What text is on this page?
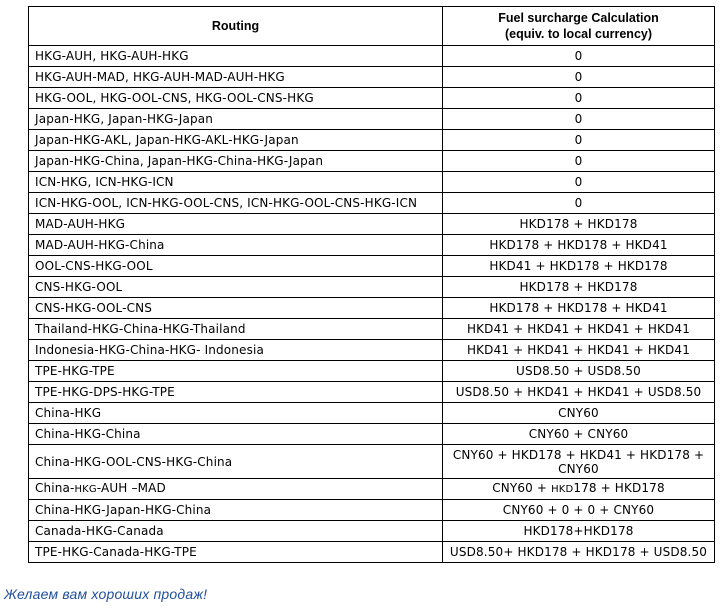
Routing	Fuel surcharge Calculation
(equiv. to local currency)

HKG-AUH, HKG-AUH-HKG	0
HKG-AUH-MAD, HKG-AUH-MAD-AUH-HKG	0
HKG-OOL, HKG-OOL-CNS, HKG-OOL-CNS-HKG	0
Japan-HKG, Japan-HKG-Japan	0
Japan-HKG-AKL, Japan-HKG-AKL-HKG-Japan	0
Japan-HKG-China, Japan-HKG-China-HKG-Japan	0
ICN-HKG, ICN-HKG-ICN	0
ICN-HKG-OOL, ICN-HKG-OOL-CNS, ICN-HKG-OOL-CNS-HKG-ICN	0
MAD-AUH-HKG	HKD178 + HKD178
MAD-AUH-HKG-China	HKD178 + HKD178 + HKD41
OOL-CNS-HKG-OOL	HKD41 + HKD178 + HKD178
CNS-HKG-OOL	HKD178 + HKD178
CNS-HKG-OOL-CNS	HKD178 + HKD178 + HKD41
Thailand-HKG-China-HKG-Thailand	HKD41 + HKD41 + HKD41 + HKD41
Indonesia-HKG-China-HKG- Indonesia	HKD41 + HKD41 + HKD41 + HKD41
TPE-HKG-TPE	USD8.50 + USD8.50
TPE-HKG-DPS-HKG-TPE	USD8.50 + HKD41 + HKD41 + USD8.50
China-HKG	CNY60
China-HKG-China	CNY60 + CNY60
China-HKG-OOL-CNS-HKG-China	CNY60 + HKD178 + HKD41 + HKD178 +
CNY60

China-HKG-AUH –MAD	CNY60 + HKD178 + HKD178
China-HKG-Japan-HKG-China	CNY60 + 0 + 0 + CNY60
Canada-HKG-Canada	HKD178+HKD178
TPE-HKG-Canada-HKG-TPE	USD8.50+ HKD178 + HKD178 + USD8.50
Желаем вам хороших продаж!
